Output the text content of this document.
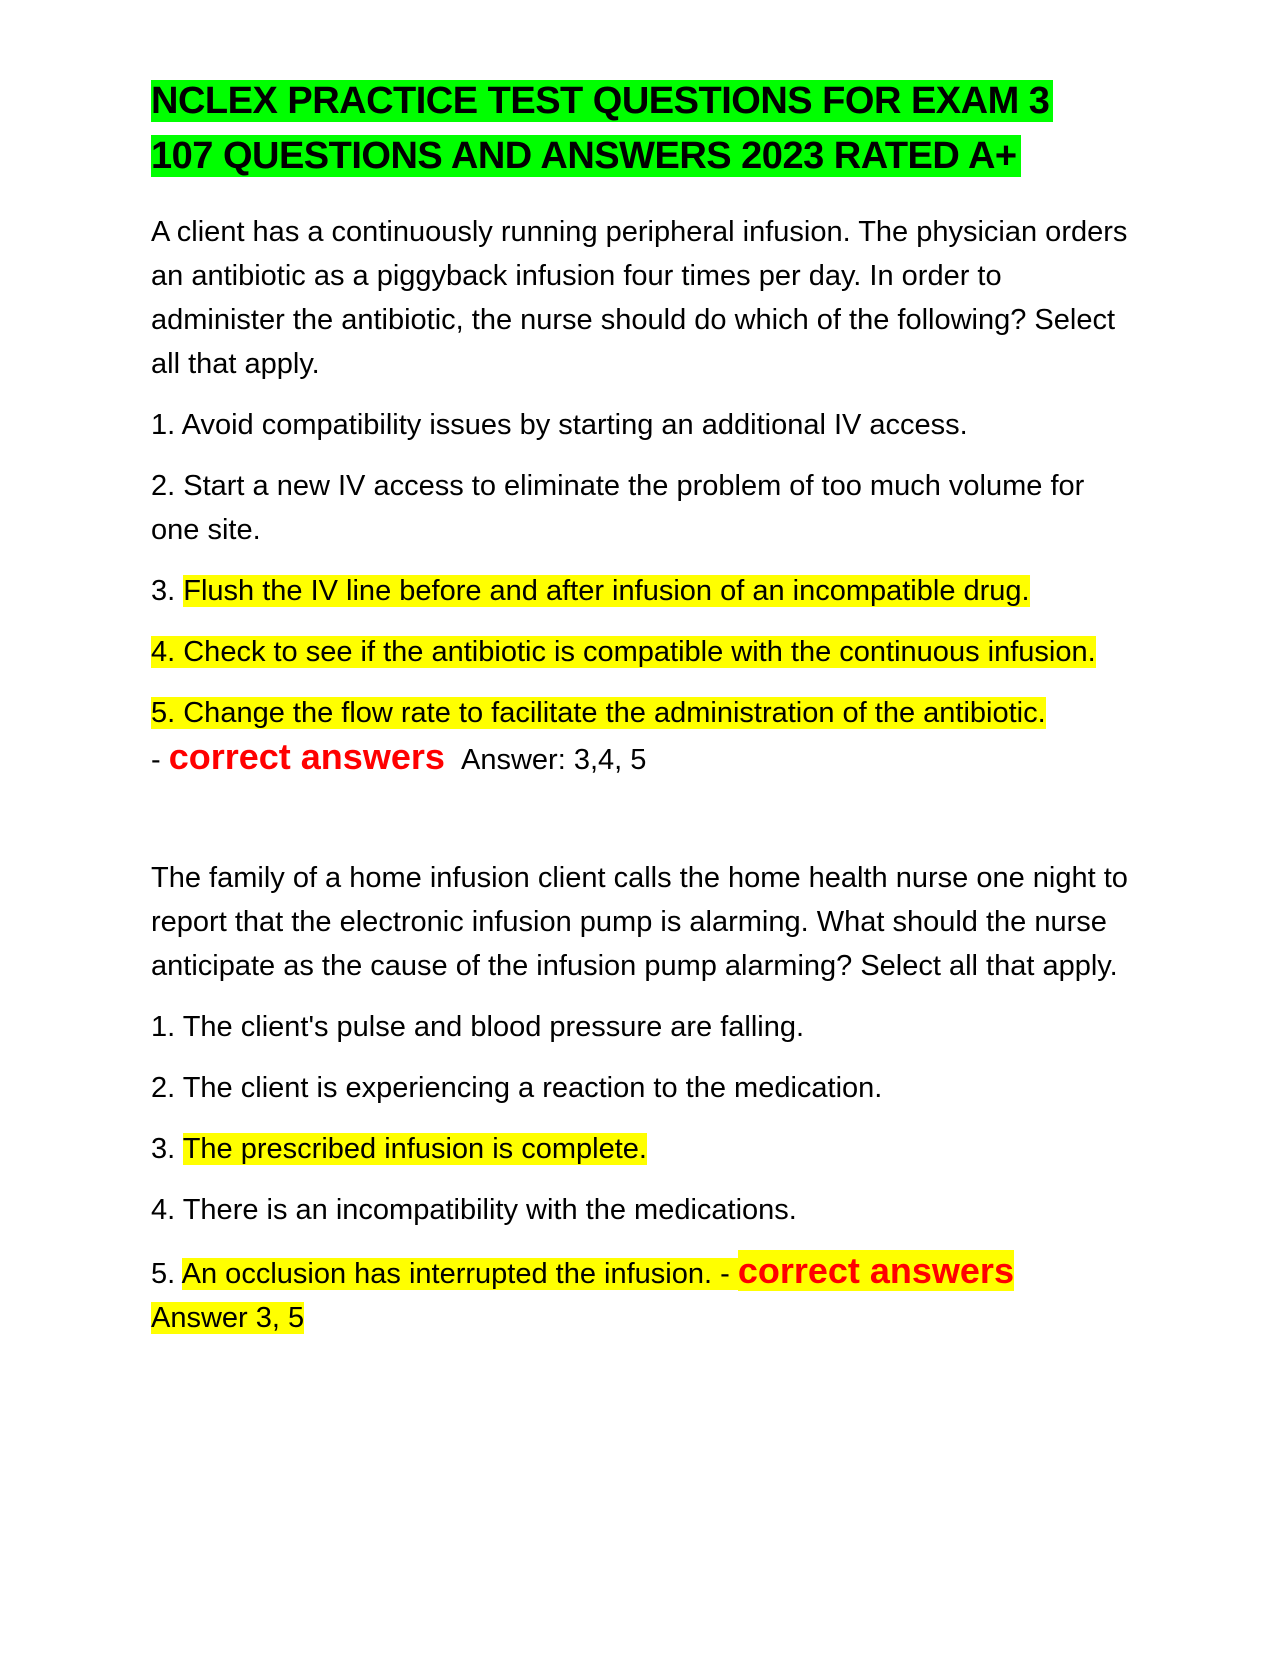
NCLEX PRACTICE TEST QUESTIONS FOR EXAM 3
107 QUESTIONS AND ANSWERS 2023 RATED A+

A client has a continuously running peripheral infusion. The physician orders an antibiotic as a piggyback infusion four times per day. In order to administer the antibiotic, the nurse should do which of the following? Select all that apply.

1. Avoid compatibility issues by starting an additional IV access.

2. Start a new IV access to eliminate the problem of too much volume for one site.

3. Flush the IV line before and after infusion of an incompatible drug.

4. Check to see if the antibiotic is compatible with the continuous infusion.

5. Change the flow rate to facilitate the administration of the antibiotic.

- correct answers Answer: 3,4, 5

The family of a home infusion client calls the home health nurse one night to report that the electronic infusion pump is alarming. What should the nurse anticipate as the cause of the infusion pump alarming? Select all that apply.

1. The client's pulse and blood pressure are falling.

2. The client is experiencing a reaction to the medication.

3. The prescribed infusion is complete.

4. There is an incompatibility with the medications.

5. An occlusion has interrupted the infusion. - correct answers
Answer 3, 5
